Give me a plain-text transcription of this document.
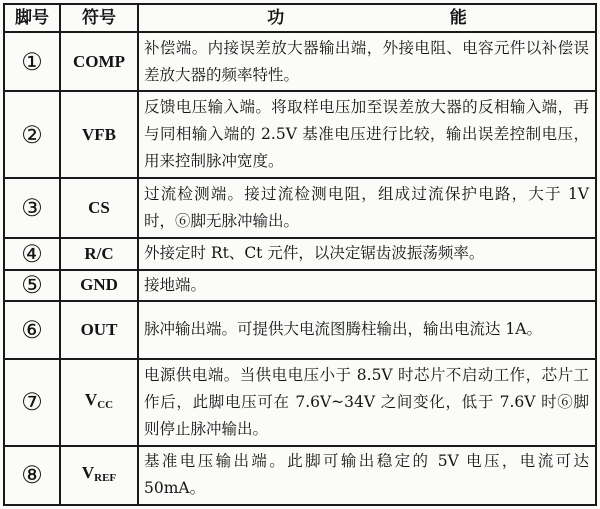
脚号	符号	功 能
①	COMP	补偿端。内接误差放大器输出端，外接电阻、电容元件以补偿误差放大器的频率特性。
②	VFB	反馈电压输入端。将取样电压加至误差放大器的反相输入端，再与同相输入端的 2.5V 基准电压进行比较，输出误差控制电压，用来控制脉冲宽度。
③	CS	过流检测端。接过流检测电阻，组成过流保护电路，大于 1V 时，⑥脚无脉冲输出。
④	R/C	外接定时 Rt、Ct 元件，以决定锯齿波振荡频率。
⑤	GND	接地端。
⑥	OUT	脉冲输出端。可提供大电流图腾柱输出，输出电流达 1A。
⑦	$V_{CC}$	电源供电端。当供电电压小于 8.5V 时芯片不启动工作，芯片工作后，此脚电压可在 7.6V~34V 之间变化，低于 7.6V 时⑥脚则停止脉冲输出。
⑧	$V_{REF}$	基准电压输出端。此脚可输出稳定的 5V 电压，电流可达 50mA。
